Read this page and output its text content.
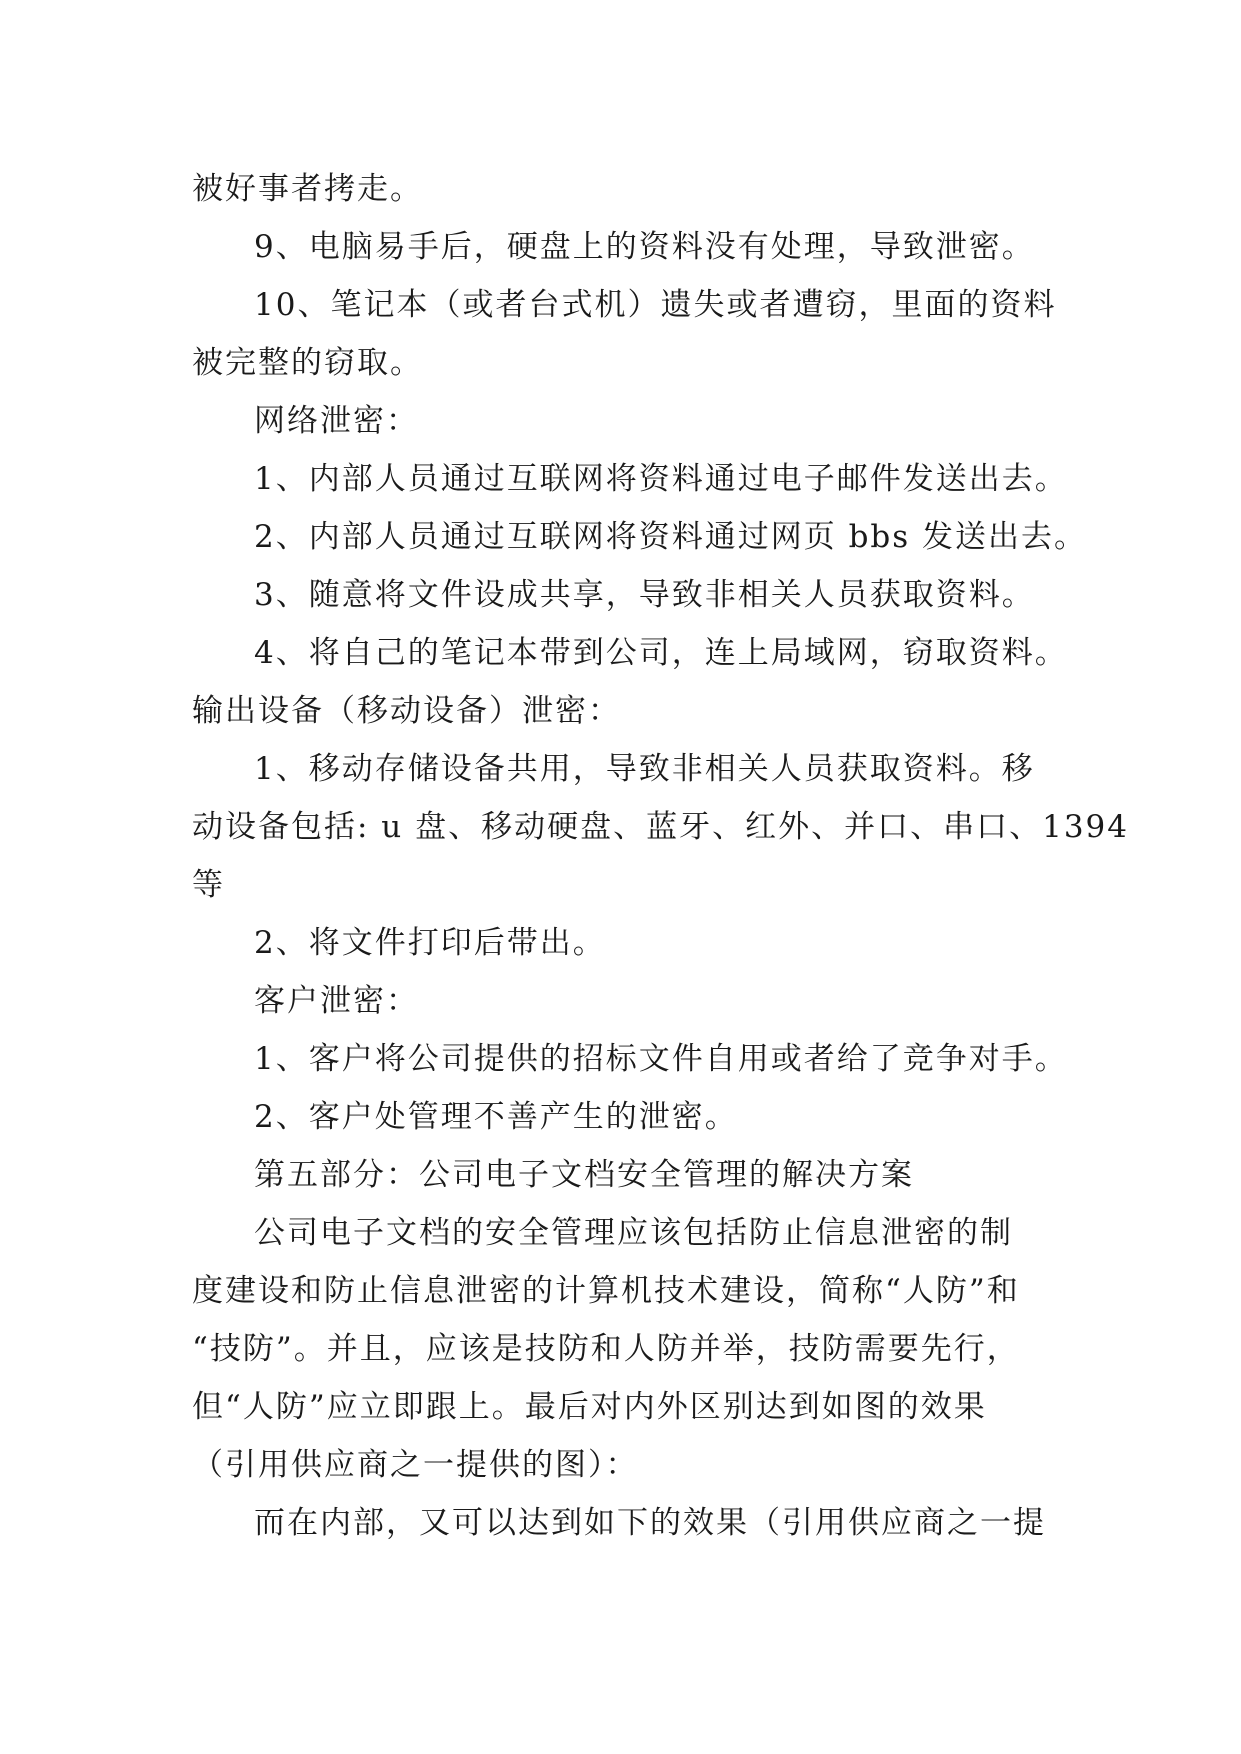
被好事者拷走。
9、电脑易手后，硬盘上的资料没有处理，导致泄密。
10、笔记本（或者台式机）遗失或者遭窃，里面的资料
被完整的窃取。
网络泄密：
1、内部人员通过互联网将资料通过电子邮件发送出去。
2、内部人员通过互联网将资料通过网页 bbs 发送出去。
3、随意将文件设成共享，导致非相关人员获取资料。
4、将自己的笔记本带到公司，连上局域网，窃取资料。
输出设备（移动设备）泄密：
1、移动存储设备共用，导致非相关人员获取资料。移
动设备包括: u 盘、移动硬盘、蓝牙、红外、并口、串口、1394
等
2、将文件打印后带出。
客户泄密：
1、客户将公司提供的招标文件自用或者给了竞争对手。
2、客户处管理不善产生的泄密。
第五部分：公司电子文档安全管理的解决方案
公司电子文档的安全管理应该包括防止信息泄密的制
度建设和防止信息泄密的计算机技术建设，简称“人防”和
“技防”。并且，应该是技防和人防并举，技防需要先行，
但“人防”应立即跟上。最后对内外区别达到如图的效果
（引用供应商之一提供的图）：
而在内部，又可以达到如下的效果（引用供应商之一提
